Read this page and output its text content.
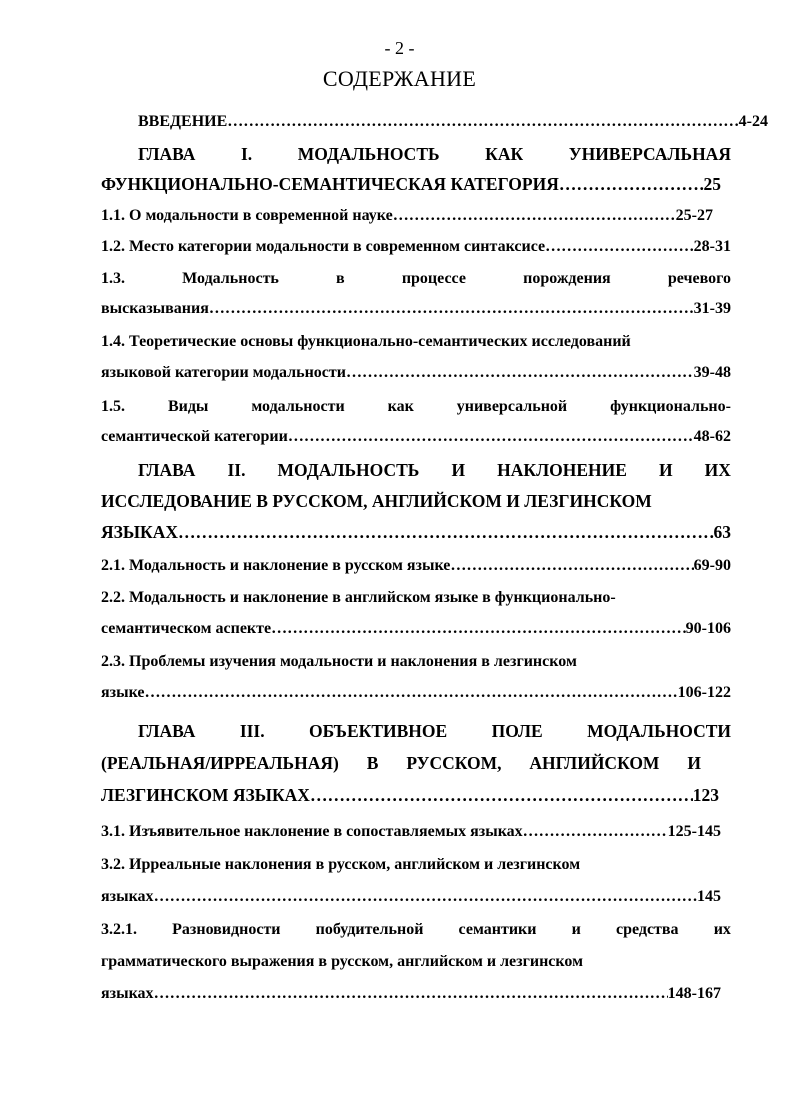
- 2 -
СОДЕРЖАНИЕ
ВВЕДЕНИЕ ………………………………………………………………………………………………………………………………………………………………	4-24
ГЛАВА	I.	МОДАЛЬНОСТЬ	КАК	УНИВЕРСАЛЬНАЯ
ФУНКЦИОНАЛЬНО-СЕМАНТИЧЕСКАЯ КАТЕГОРИЯ ………………………………………………………………………………………………………………………………………………………………	25
1.1. О модальности в современной науке ………………………………………………………………………………………………………………………………………………………………	25-27
1.2. Место категории модальности в современном синтаксисе ………………………………………………………………………………………………………………………………………………………………	28-31
1.3.	Модальность	в	процессе	порождения	речевого
высказывания ………………………………………………………………………………………………………………………………………………………………	31-39
1.4. Теоретические основы функционально-семантических исследований
языковой категории модальности ………………………………………………………………………………………………………………………………………………………………	39-48
1.5.	Виды	модальности	как	универсальной	функционально-
семантической категории ………………………………………………………………………………………………………………………………………………………………	48-62
ГЛАВА II. МОДАЛЬНОСТЬ И НАКЛОНЕНИЕ И ИХ
ИССЛЕДОВАНИЕ В РУССКОМ, АНГЛИЙСКОМ И ЛЕЗГИНСКОМ
ЯЗЫКАХ ………………………………………………………………………………………………………………………………………………………………	63
2.1. Модальность и наклонение в русском языке ………………………………………………………………………………………………………………………………………………………………	69-90
2.2. Модальность и наклонение в английском языке в функционально-
семантическом аспекте ………………………………………………………………………………………………………………………………………………………………	90-106
2.3. Проблемы изучения модальности и наклонения в лезгинском
языке ………………………………………………………………………………………………………………………………………………………………	106-122
ГЛАВА	III.	ОБЪЕКТИВНОЕ	ПОЛЕ	МОДАЛЬНОСТИ
(РЕАЛЬНАЯ/ИРРЕАЛЬНАЯ) В РУССКОМ, АНГЛИЙСКОМ И
ЛЕЗГИНСКОМ ЯЗЫКАХ ………………………………………………………………………………………………………………………………………………………………	123
3.1. Изъявительное наклонение в сопоставляемых языках ………………………………………………………………………………………………………………………………………………………………	125-145
3.2. Ирреальные наклонения в русском, английском и лезгинском
языках ………………………………………………………………………………………………………………………………………………………………	145
3.2.1. Разновидности побудительной семантики и средства их
грамматического выражения в русском, английском и лезгинском
языках ………………………………………………………………………………………………………………………………………………………………	148-167
